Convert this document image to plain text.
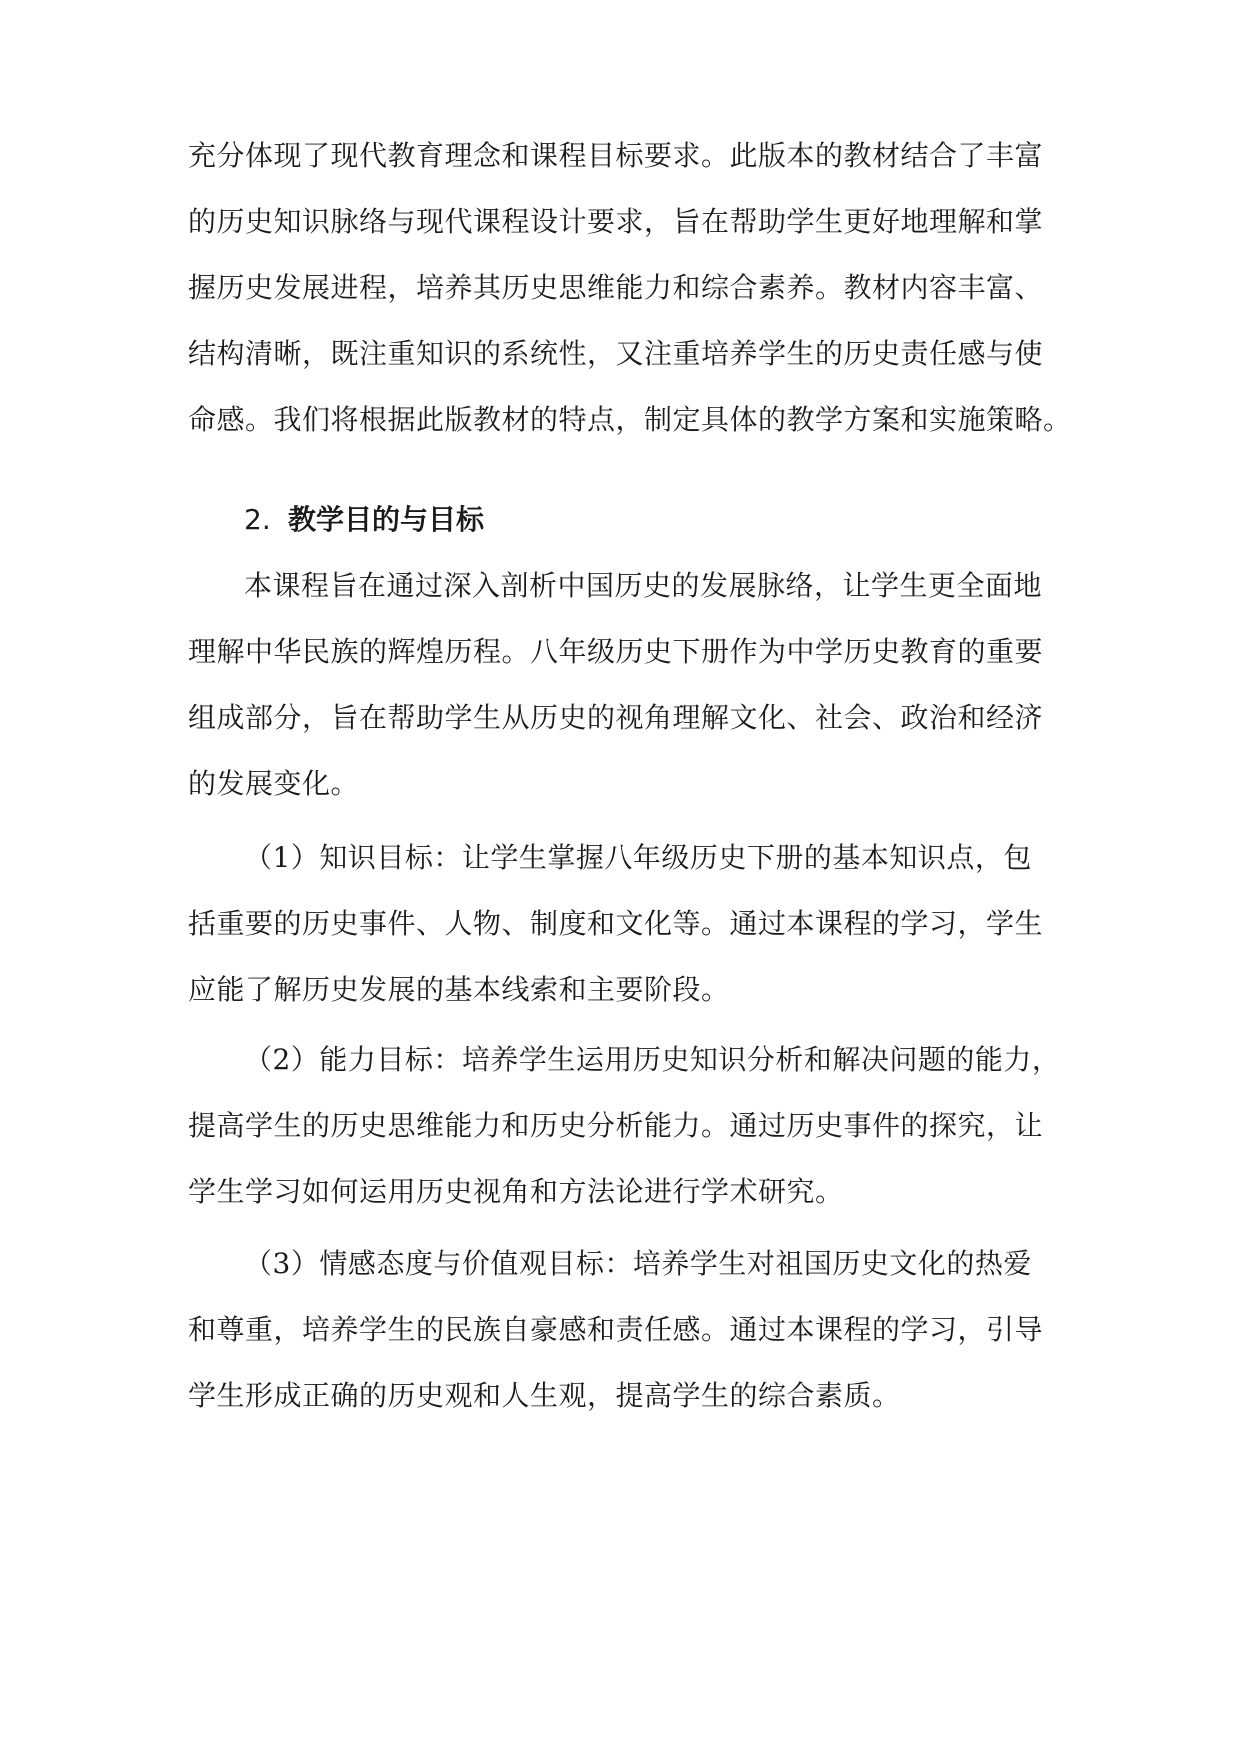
充分体现了现代教育理念和课程目标要求。此版本的教材结合了丰富
的历史知识脉络与现代课程设计要求，旨在帮助学生更好地理解和掌
握历史发展进程，培养其历史思维能力和综合素养。教材内容丰富、
结构清晰，既注重知识的系统性，又注重培养学生的历史责任感与使
命感。我们将根据此版教材的特点，制定具体的教学方案和实施策略。
2. 教学目的与目标
本课程旨在通过深入剖析中国历史的发展脉络，让学生更全面地
理解中华民族的辉煌历程。八年级历史下册作为中学历史教育的重要
组成部分，旨在帮助学生从历史的视角理解文化、社会、政治和经济
的发展变化。
（1）知识目标：让学生掌握八年级历史下册的基本知识点，包
括重要的历史事件、人物、制度和文化等。通过本课程的学习，学生
应能了解历史发展的基本线索和主要阶段。
（2）能力目标：培养学生运用历史知识分析和解决问题的能力，
提高学生的历史思维能力和历史分析能力。通过历史事件的探究，让
学生学习如何运用历史视角和方法论进行学术研究。
（3）情感态度与价值观目标：培养学生对祖国历史文化的热爱
和尊重，培养学生的民族自豪感和责任感。通过本课程的学习，引导
学生形成正确的历史观和人生观，提高学生的综合素质。
